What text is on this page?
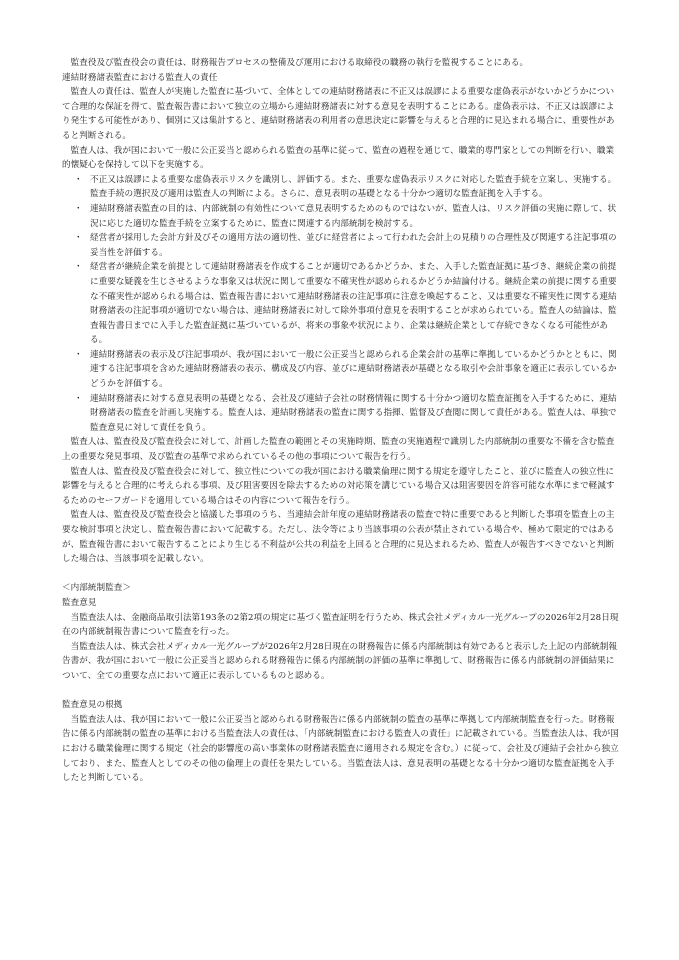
監査役及び監査役会の責任は、財務報告プロセスの整備及び運用における取締役の職務の執行を監視することにある。

連結財務諸表監査における監査人の責任

監査人の責任は、監査人が実施した監査に基づいて、全体としての連結財務諸表に不正又は誤謬による重要な虚偽表示がないかどうかについて合理的な保証を得て、監査報告書において独立の立場から連結財務諸表に対する意見を表明することにある。虚偽表示は、不正又は誤謬により発生する可能性があり、個別に又は集計すると、連結財務諸表の利用者の意思決定に影響を与えると合理的に見込まれる場合に、重要性があると判断される。

監査人は、我が国において一般に公正妥当と認められる監査の基準に従って、監査の過程を通じて、職業的専門家としての判断を行い、職業的懐疑心を保持して以下を実施する。

・ 不正又は誤謬による重要な虚偽表示リスクを識別し、評価する。また、重要な虚偽表示リスクに対応した監査手続を立案し、実施する。監査手続の選択及び適用は監査人の判断による。さらに、意見表明の基礎となる十分かつ適切な監査証拠を入手する。
・ 連結財務諸表監査の目的は、内部統制の有効性について意見表明するためのものではないが、監査人は、リスク評価の実施に際して、状況に応じた適切な監査手続を立案するために、監査に関連する内部統制を検討する。
・ 経営者が採用した会計方針及びその適用方法の適切性、並びに経営者によって行われた会計上の見積りの合理性及び関連する注記事項の妥当性を評価する。
・ 経営者が継続企業を前提として連結財務諸表を作成することが適切であるかどうか、また、入手した監査証拠に基づき、継続企業の前提に重要な疑義を生じさせるような事象又は状況に関して重要な不確実性が認められるかどうか結論付ける。継続企業の前提に関する重要な不確実性が認められる場合は、監査報告書において連結財務諸表の注記事項に注意を喚起すること、又は重要な不確実性に関する連結財務諸表の注記事項が適切でない場合は、連結財務諸表に対して除外事項付意見を表明することが求められている。監査人の結論は、監査報告書日までに入手した監査証拠に基づいているが、将来の事象や状況により、企業は継続企業として存続できなくなる可能性がある。
・ 連結財務諸表の表示及び注記事項が、我が国において一般に公正妥当と認められる企業会計の基準に準拠しているかどうかとともに、関連する注記事項を含めた連結財務諸表の表示、構成及び内容、並びに連結財務諸表が基礎となる取引や会計事象を適正に表示しているかどうかを評価する。
・ 連結財務諸表に対する意見表明の基礎となる、会社及び連結子会社の財務情報に関する十分かつ適切な監査証拠を入手するために、連結財務諸表の監査を計画し実施する。監査人は、連結財務諸表の監査に関する指揮、監督及び査閲に関して責任がある。監査人は、単独で監査意見に対して責任を負う。

監査人は、監査役及び監査役会に対して、計画した監査の範囲とその実施時期、監査の実施過程で識別した内部統制の重要な不備を含む監査上の重要な発見事項、及び監査の基準で求められているその他の事項について報告を行う。

監査人は、監査役及び監査役会に対して、独立性についての我が国における職業倫理に関する規定を遵守したこと、並びに監査人の独立性に影響を与えると合理的に考えられる事項、及び阻害要因を除去するための対応策を講じている場合又は阻害要因を許容可能な水準にまで軽減するためのセーフガードを適用している場合はその内容について報告を行う。

監査人は、監査役及び監査役会と協議した事項のうち、当連結会計年度の連結財務諸表の監査で特に重要であると判断した事項を監査上の主要な検討事項と決定し、監査報告書において記載する。ただし、法令等により当該事項の公表が禁止されている場合や、極めて限定的ではあるが、監査報告書において報告することにより生じる不利益が公共の利益を上回ると合理的に見込まれるため、監査人が報告すべきでないと判断した場合は、当該事項を記載しない。

＜内部統制監査＞

監査意見

当監査法人は、金融商品取引法第193条の2第2項の規定に基づく監査証明を行うため、株式会社メディカル一光グループの2026年2月28日現在の内部統制報告書について監査を行った。

当監査法人は、株式会社メディカル一光グループが2026年2月28日現在の財務報告に係る内部統制は有効であると表示した上記の内部統制報告書が、我が国において一般に公正妥当と認められる財務報告に係る内部統制の評価の基準に準拠して、財務報告に係る内部統制の評価結果について、全ての重要な点において適正に表示しているものと認める。

監査意見の根拠

当監査法人は、我が国において一般に公正妥当と認められる財務報告に係る内部統制の監査の基準に準拠して内部統制監査を行った。財務報告に係る内部統制の監査の基準における当監査法人の責任は、「内部統制監査における監査人の責任」に記載されている。当監査法人は、我が国における職業倫理に関する規定（社会的影響度の高い事業体の財務諸表監査に適用される規定を含む。）に従って、会社及び連結子会社から独立しており、また、監査人としてのその他の倫理上の責任を果たしている。当監査法人は、意見表明の基礎となる十分かつ適切な監査証拠を入手したと判断している。
